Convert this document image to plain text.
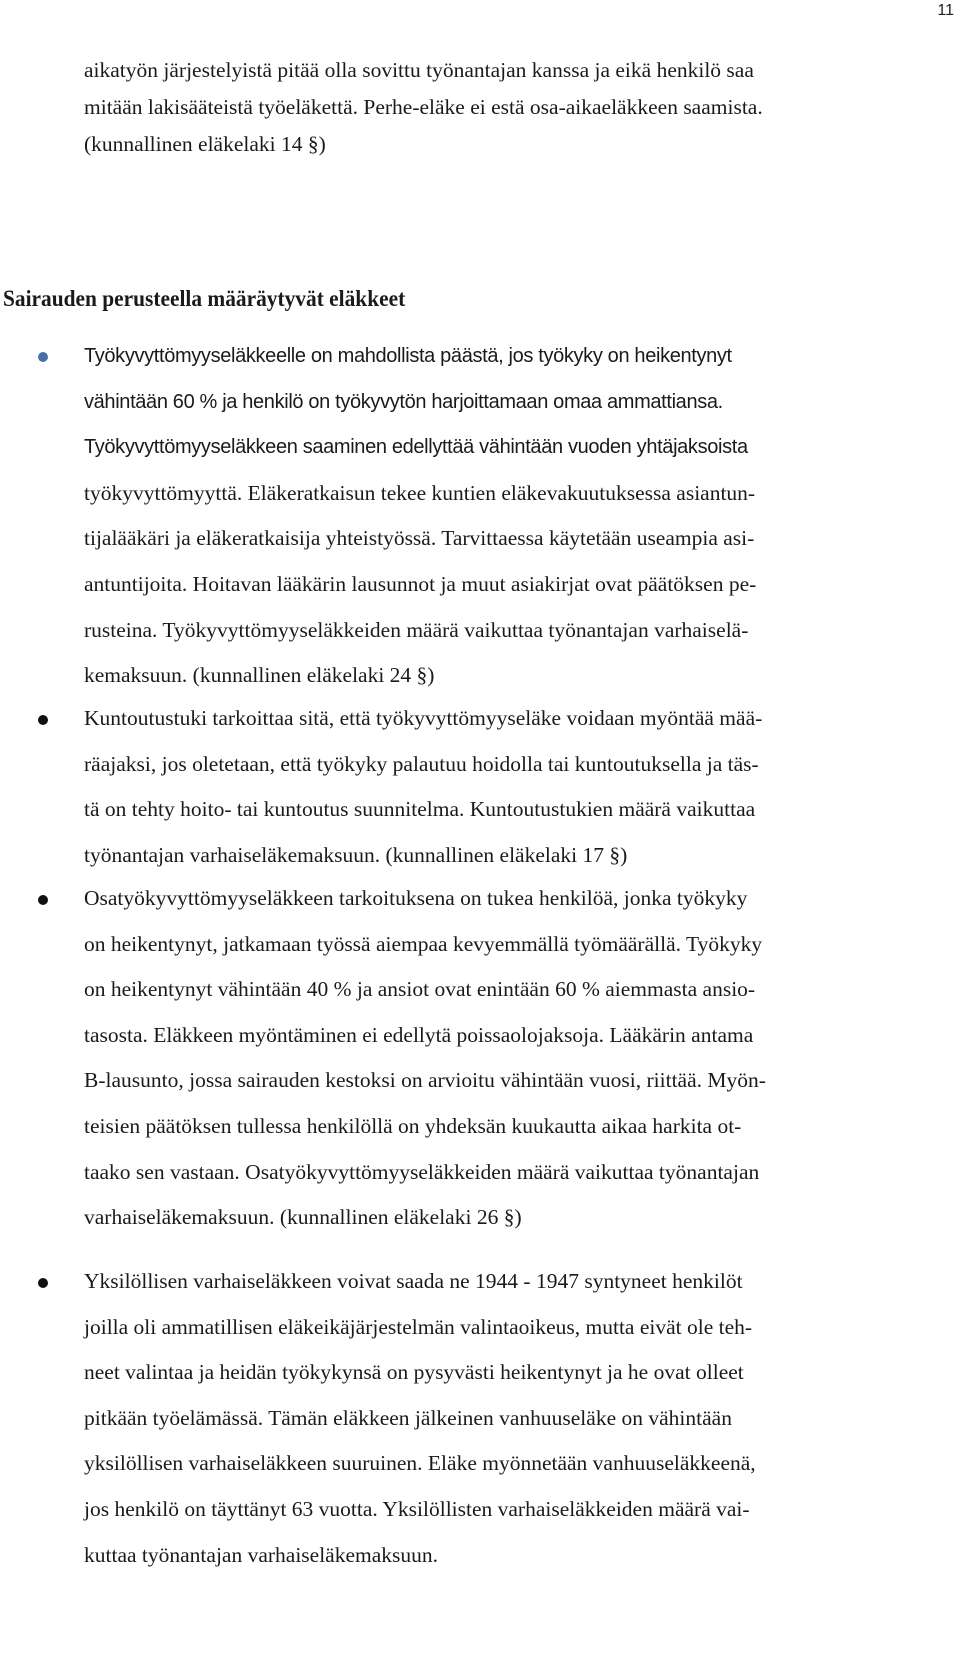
11
aikatyön järjestelyistä pitää olla sovittu työnantajan kanssa ja eikä henkilö saa
mitään lakisääteistä työeläkettä. Perhe-eläke ei estä osa-aikaeläkkeen saamista.
(kunnallinen eläkelaki 14 §)
Sairauden perusteella määräytyvät eläkkeet
Työkyvyttömyyseläkkeelle on mahdollista päästä, jos työkyky on heikentynyt
vähintään 60 % ja henkilö on työkyvytön harjoittamaan omaa ammattiansa.
Työkyvyttömyyseläkkeen saaminen edellyttää vähintään vuoden yhtäjaksoista
työkyvyttömyyttä. Eläkeratkaisun tekee kuntien eläkevakuutuksessa asiantun-
tijalääkäri ja eläkeratkaisija yhteistyössä. Tarvittaessa käytetään useampia asi-
antuntijoita. Hoitavan lääkärin lausunnot ja muut asiakirjat ovat päätöksen pe-
rusteina. Työkyvyttömyyseläkkeiden määrä vaikuttaa työnantajan varhaiselä-
kemaksuun. (kunnallinen eläkelaki 24 §)
Kuntoutustuki tarkoittaa sitä, että työkyvyttömyyseläke voidaan myöntää mää-
räajaksi, jos oletetaan, että työkyky palautuu hoidolla tai kuntoutuksella ja täs-
tä on tehty hoito- tai kuntoutus suunnitelma. Kuntoutustukien määrä vaikuttaa
työnantajan varhaiseläkemaksuun. (kunnallinen eläkelaki 17 §)
Osatyökyvyttömyyseläkkeen tarkoituksena on tukea henkilöä, jonka työkyky
on heikentynyt, jatkamaan työssä aiempaa kevyemmällä työmäärällä. Työkyky
on heikentynyt vähintään 40 % ja ansiot ovat enintään 60 % aiemmasta ansio-
tasosta. Eläkkeen myöntäminen ei edellytä poissaolojaksoja. Lääkärin antama
B-lausunto, jossa sairauden kestoksi on arvioitu vähintään vuosi, riittää. Myön-
teisien päätöksen tullessa henkilöllä on yhdeksän kuukautta aikaa harkita ot-
taako sen vastaan. Osatyökyvyttömyyseläkkeiden määrä vaikuttaa työnantajan
varhaiseläkemaksuun. (kunnallinen eläkelaki 26 §)
Yksilöllisen varhaiseläkkeen voivat saada ne 1944 - 1947 syntyneet henkilöt
joilla oli ammatillisen eläkeikäjärjestelmän valintaoikeus, mutta eivät ole teh-
neet valintaa ja heidän työkykynsä on pysyvästi heikentynyt ja he ovat olleet
pitkään työelämässä. Tämän eläkkeen jälkeinen vanhuuseläke on vähintään
yksilöllisen varhaiseläkkeen suuruinen. Eläke myönnetään vanhuuseläkkeenä,
jos henkilö on täyttänyt 63 vuotta. Yksilöllisten varhaiseläkkeiden määrä vai-
kuttaa työnantajan varhaiseläkemaksuun.
